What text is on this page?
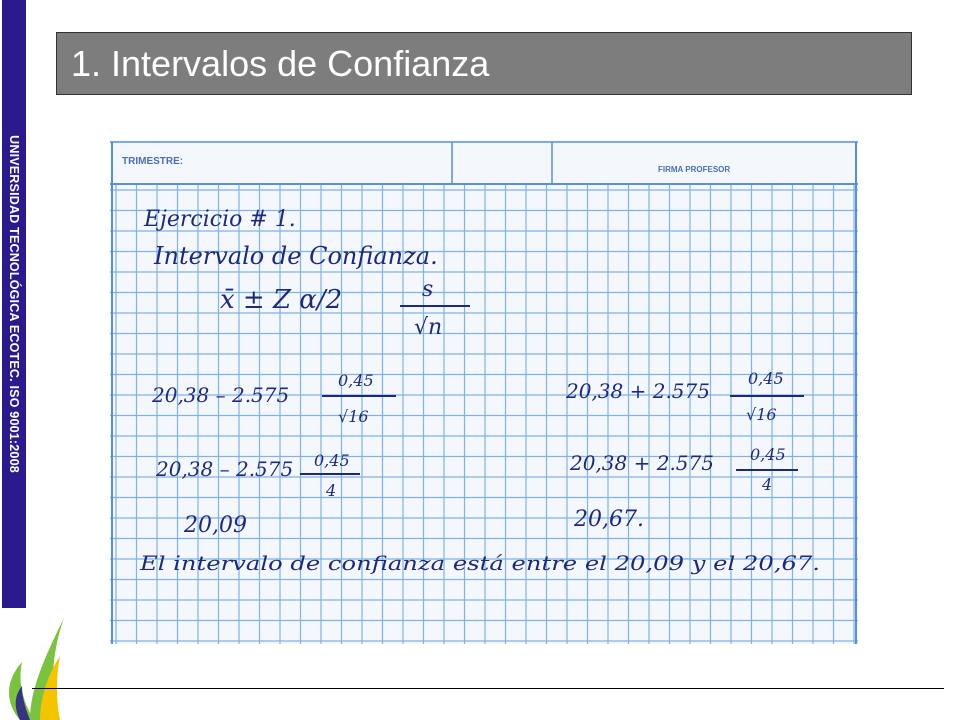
UNIVERSIDAD TECNOLÓGICA ECOTEC. ISO 9001:2008
1. Intervalos de Confianza
TRIMESTRE:
FIRMA PROFESOR
Ejercicio # 1.
Intervalo de Confianza.
x̄ ± Z α/2	s
√n
20,38 – 2.575
0,45
√16
20,38 – 2.575 0,45
4
20,09
20,38 + 2.575
0,45
√16
20,38 + 2.575 0,45
4
20,67.
El intervalo de confianza está entre el 20,09 y el 20,67.
